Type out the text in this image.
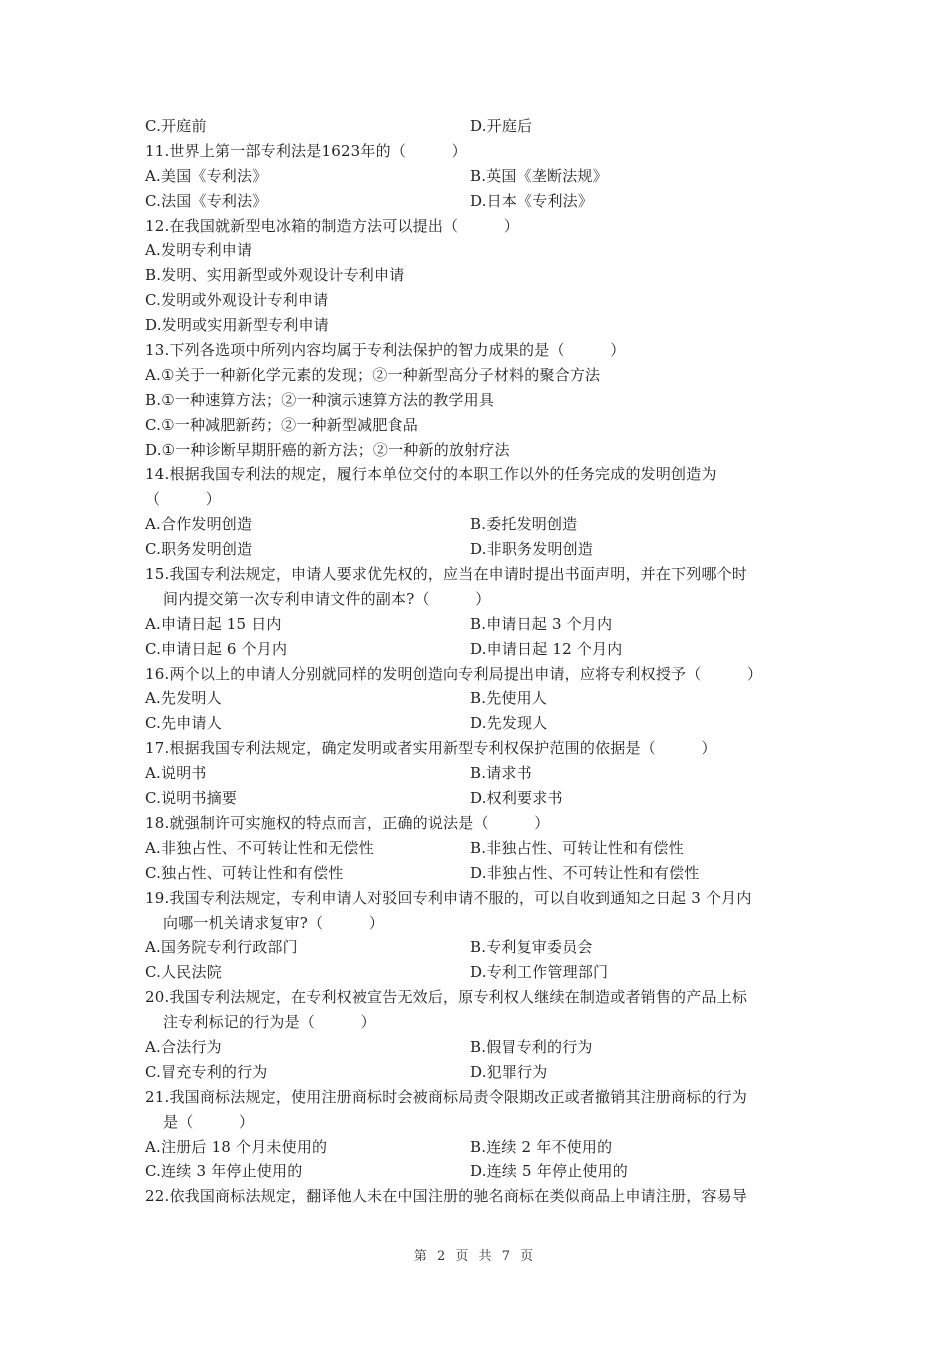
C.开庭前	D.开庭后
11.世界上第一部专利法是1623年的（　　　）
A.美国《专利法》	B.英国《垄断法规》
C.法国《专利法》	D.日本《专利法》
12.在我国就新型电冰箱的制造方法可以提出（　　　）
A.发明专利申请
B.发明、实用新型或外观设计专利申请
C.发明或外观设计专利申请
D.发明或实用新型专利申请
13.下列各选项中所列内容均属于专利法保护的智力成果的是（　　　）
A.①关于一种新化学元素的发现；②一种新型高分子材料的聚合方法
B.①一种速算方法；②一种演示速算方法的教学用具
C.①一种减肥新药；②一种新型减肥食品
D.①一种诊断早期肝癌的新方法；②一种新的放射疗法
14.根据我国专利法的规定，履行本单位交付的本职工作以外的任务完成的发明创造为
（　　　）
A.合作发明创造	B.委托发明创造
C.职务发明创造	D.非职务发明创造
15.我国专利法规定，申请人要求优先权的，应当在申请时提出书面声明，并在下列哪个时
间内提交第一次专利申请文件的副本?（　　　）
A.申请日起 15 日内	B.申请日起 3 个月内
C.申请日起 6 个月内	D.申请日起 12 个月内
16.两个以上的申请人分别就同样的发明创造向专利局提出申请，应将专利权授予（　　　）
A.先发明人	B.先使用人
C.先申请人	D.先发现人
17.根据我国专利法规定，确定发明或者实用新型专利权保护范围的依据是（　　　）
A.说明书	B.请求书
C.说明书摘要	D.权利要求书
18.就强制许可实施权的特点而言，正确的说法是（　　　）
A.非独占性、不可转让性和无偿性	B.非独占性、可转让性和有偿性
C.独占性、可转让性和有偿性	D.非独占性、不可转让性和有偿性
19.我国专利法规定，专利申请人对驳回专利申请不服的，可以自收到通知之日起 3 个月内
向哪一机关请求复审?（　　　）
A.国务院专利行政部门	B.专利复审委员会
C.人民法院	D.专利工作管理部门
20.我国专利法规定，在专利权被宣告无效后，原专利权人继续在制造或者销售的产品上标
注专利标记的行为是（　　　）
A.合法行为	B.假冒专利的行为
C.冒充专利的行为	D.犯罪行为
21.我国商标法规定，使用注册商标时会被商标局责令限期改正或者撤销其注册商标的行为
是（　　　）
A.注册后 18 个月未使用的	B.连续 2 年不使用的
C.连续 3 年停止使用的	D.连续 5 年停止使用的
22.依我国商标法规定，翻译他人未在中国注册的驰名商标在类似商品上申请注册，容易导
第 2 页 共 7 页
